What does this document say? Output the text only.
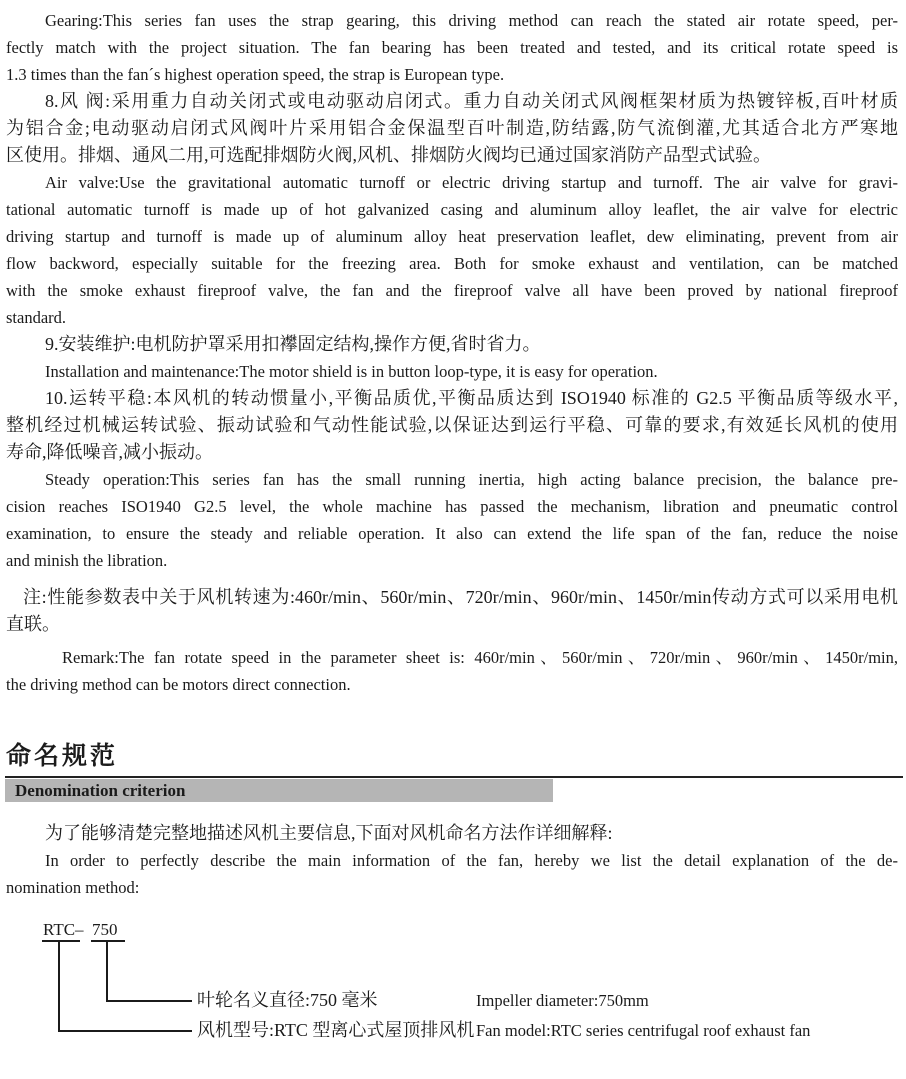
Gearing:This series fan uses the strap gearing, this driving method can reach the stated air rotate speed, per-
fectly match with the project situation. The fan bearing has been treated and tested, and its critical rotate speed is
1.3 times than the fan´s highest operation speed, the strap is European type.
8.风 阀:采用重力自动关闭式或电动驱动启闭式。重力自动关闭式风阀框架材质为热镀锌板,百叶材质
为铝合金;电动驱动启闭式风阀叶片采用铝合金保温型百叶制造,防结露,防气流倒灌,尤其适合北方严寒地
区使用。排烟、通风二用,可选配排烟防火阀,风机、排烟防火阀均已通过国家消防产品型式试验。
Air valve:Use the gravitational automatic turnoff or electric driving startup and turnoff. The air valve for gravi-
tational automatic turnoff is made up of hot galvanized casing and aluminum alloy leaflet, the air valve for electric
driving startup and turnoff is made up of aluminum alloy heat preservation leaflet, dew eliminating, prevent from air
flow backword, especially suitable for the freezing area. Both for smoke exhaust and ventilation, can be matched
with the smoke exhaust fireproof valve, the fan and the fireproof valve all have been proved by national fireproof
standard.
9.安装维护:电机防护罩采用扣襻固定结构,操作方便,省时省力。
Installation and maintenance:The motor shield is in button loop-type, it is easy for operation.
10.运转平稳:本风机的转动惯量小,平衡品质优,平衡品质达到 ISO1940 标准的 G2.5 平衡品质等级水平,
整机经过机械运转试验、振动试验和气动性能试验,以保证达到运行平稳、可靠的要求,有效延长风机的使用
寿命,降低噪音,减小振动。
Steady operation:This series fan has the small running inertia, high acting balance precision, the balance pre-
cision reaches ISO1940 G2.5 level, the whole machine has passed the mechanism, libration and pneumatic control
examination, to ensure the steady and reliable operation. It also can extend the life span of the fan, reduce the noise
and minish the libration.
注:性能参数表中关于风机转速为:460r/min、560r/min、720r/min、960r/min、1450r/min传动方式可以采用电机
直联。
Remark:The fan rotate speed in the parameter sheet is: 460r/min、560r/min、720r/min、960r/min、1450r/min,
the driving method can be motors direct connection.
命名规范
Denomination criterion
为了能够清楚完整地描述风机主要信息,下面对风机命名方法作详细解释:
In order to perfectly describe the main information of the fan, hereby we list the detail explanation of the de-
nomination method:
RTC– 750
叶轮名义直径:750 毫米	Impeller diameter:750mm
风机型号:RTC 型离心式屋顶排风机 Fan model:RTC series centrifugal roof exhaust fan
